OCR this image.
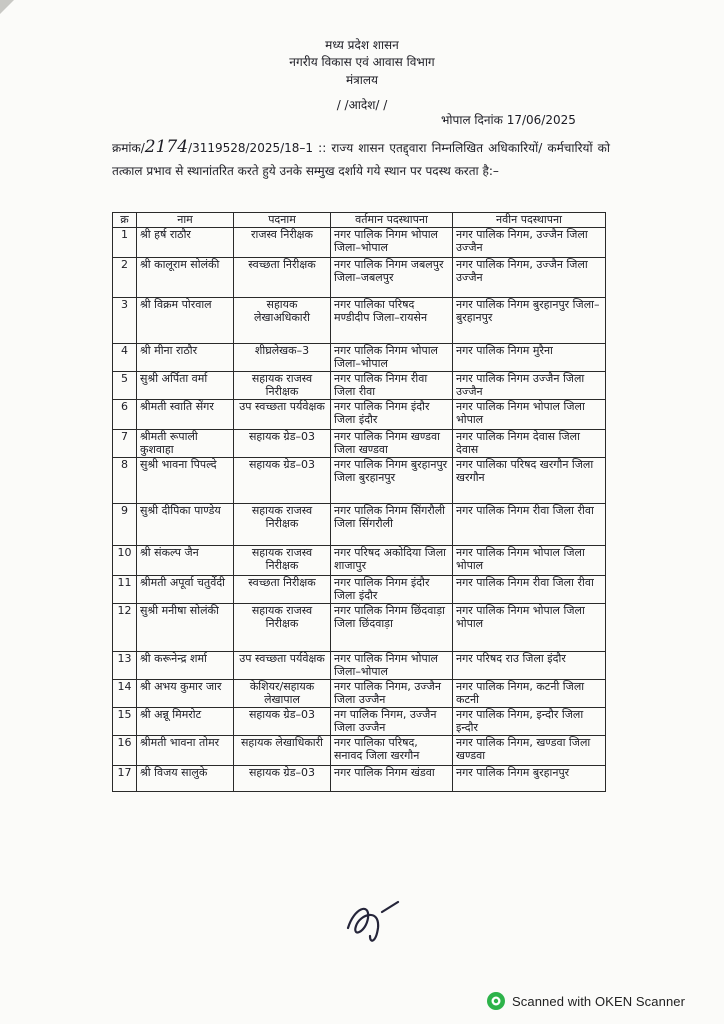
मध्य प्रदेश शासन
नगरीय विकास एवं आवास विभाग
मंत्रालय
/ /आदेश/ /
भोपाल दिनांक 17/06/2025
क्रमांक/2174/3119528/2025/18–1 :: राज्य शासन एतद्द्वारा निम्नलिखित अधिकारियों/ कर्मचारियों को तत्काल प्रभाव से स्थानांतरित करते हुये उनके सम्मुख दर्शाये गये स्थान पर पदस्थ करता है:–
क्र	नाम	पदनाम	वर्तमान पदस्थापना	नवीन पदस्थापना
1	श्री हर्ष राठौर	राजस्व निरीक्षक	नगर पालिक निगम भोपाल जिला–भोपाल	नगर पालिक निगम, उज्जैन जिला उज्जैन
2	श्री कालूराम सोलंकी	स्वच्छता निरीक्षक	नगर पालिक निगम जबलपुर जिला–जबलपुर	नगर पालिक निगम, उज्जैन जिला उज्जैन
3	श्री विक्रम पोरवाल	सहायक लेखाअधिकारी	नगर पालिका परिषद मण्डीदीप जिला–रायसेन	नगर पालिक निगम बुरहानपुर जिला– बुरहानपुर
4	श्री मीना राठौर	शीघ्रलेखक–3	नगर पालिक निगम भोपाल जिला–भोपाल	नगर पालिक निगम मुरैना
5	सुश्री अर्पिता वर्मा	सहायक राजस्व निरीक्षक	नगर पालिक निगम रीवा जिला रीवा	नगर पालिक निगम उज्जैन जिला उज्जैन
6	श्रीमती स्वाति सेंगर	उप स्वच्छता पर्यवेक्षक	नगर पालिक निगम इंदौर जिला इंदौर	नगर पालिक निगम भोपाल जिला भोपाल
7	श्रीमती रूपाली कुशवाहा	सहायक ग्रेड–03	नगर पालिक निगम खण्डवा जिला खण्डवा	नगर पालिक निगम देवास जिला देवास
8	सुश्री भावना पिपल्दे	सहायक ग्रेड–03	नगर पालिक निगम बुरहानपुर जिला बुरहानपुर	नगर पालिका परिषद खरगौन जिला खरगौन
9	सुश्री दीपिका पाण्डेय	सहायक राजस्व निरीक्षक	नगर पालिक निगम सिंगरौली जिला सिंगरौली	नगर पालिक निगम रीवा जिला रीवा
10	श्री संकल्प जैन	सहायक राजस्व निरीक्षक	नगर परिषद अकोदिया जिला शाजापुर	नगर पालिक निगम भोपाल जिला भोपाल
11	श्रीमती अपूर्वा चतुर्वेदी	स्वच्छता निरीक्षक	नगर पालिक निगम इंदौर जिला इंदौर	नगर पालिक निगम रीवा जिला रीवा
12	सुश्री मनीषा सोलंकी	सहायक राजस्व निरीक्षक	नगर पालिक निगम छिंदवाड़ा जिला छिंदवाड़ा	नगर पालिक निगम भोपाल जिला भोपाल
13	श्री करूनेन्द्र शर्मा	उप स्वच्छता पर्यवेक्षक	नगर पालिक निगम भोपाल जिला–भोपाल	नगर परिषद राउ जिला इंदौर
14	श्री अभय कुमार जार	केशियर/सहायक लेखापाल	नगर पालिक निगम, उज्जैन जिला उज्जैन	नगर पालिक निगम, कटनी जिला कटनी
15	श्री अन्नू मिमरोट	सहायक ग्रेड–03	नग पालिक निगम, उज्जैन जिला उज्जैन	नगर पालिक निगम, इन्दौर जिला इन्दौर
16	श्रीमती भावना तोमर	सहायक लेखाधिकारी	नगर पालिका परिषद, सनावद जिला खरगौन	नगर पालिक निगम, खण्डवा जिला खण्डवा
17	श्री विजय सालुके	सहायक ग्रेड–03	नगर पालिक निगम खंडवा	नगर पालिक निगम बुरहानपुर
Scanned with OKEN Scanner
